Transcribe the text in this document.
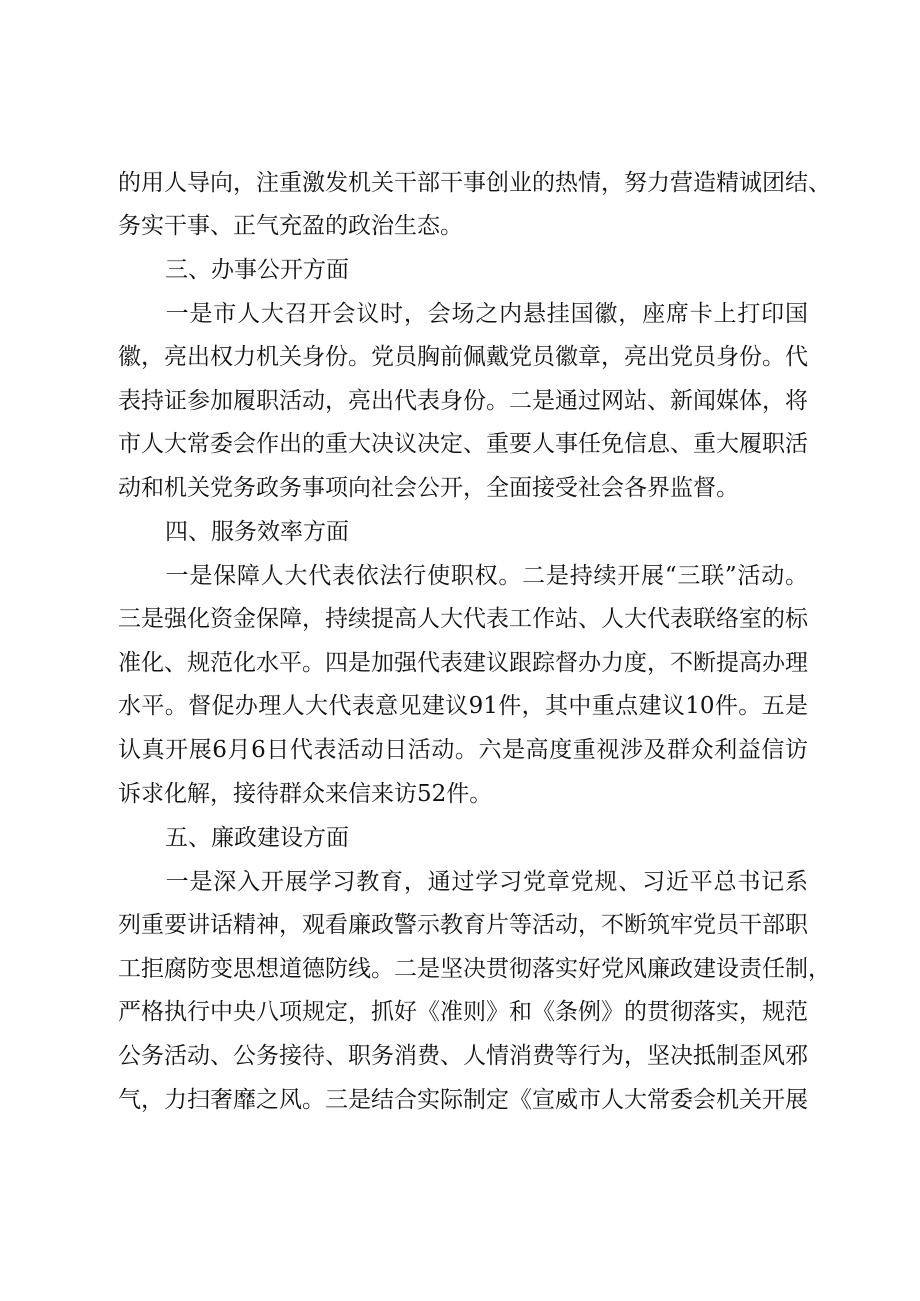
的用人导向，注重激发机关干部干事创业的热情，努力营造精诚团结、
务实干事、正气充盈的政治生态。
三、办事公开方面
　　一是市人大召开会议时，会场之内悬挂国徽，座席卡上打印国
徽，亮出权力机关身份。党员胸前佩戴党员徽章，亮出党员身份。代
表持证参加履职活动，亮出代表身份。二是通过网站、新闻媒体，将
市人大常委会作出的重大决议决定、重要人事任免信息、重大履职活
动和机关党务政务事项向社会公开，全面接受社会各界监督。
四、服务效率方面
　　一是保障人大代表依法行使职权。二是持续开展“三联”活动。
三是强化资金保障，持续提高人大代表工作站、人大代表联络室的标
准化、规范化水平。四是加强代表建议跟踪督办力度，不断提高办理
水平。督促办理人大代表意见建议91件，其中重点建议10件。五是
认真开展6月6日代表活动日活动。六是高度重视涉及群众利益信访
诉求化解，接待群众来信来访52件。
五、廉政建设方面
　　一是深入开展学习教育，通过学习党章党规、习近平总书记系
列重要讲话精神，观看廉政警示教育片等活动，不断筑牢党员干部职
工拒腐防变思想道德防线。二是坚决贯彻落实好党风廉政建设责任制，
严格执行中央八项规定，抓好《准则》和《条例》的贯彻落实，规范
公务活动、公务接待、职务消费、人情消费等行为，坚决抵制歪风邪
气，力扫奢靡之风。三是结合实际制定《宣威市人大常委会机关开展
